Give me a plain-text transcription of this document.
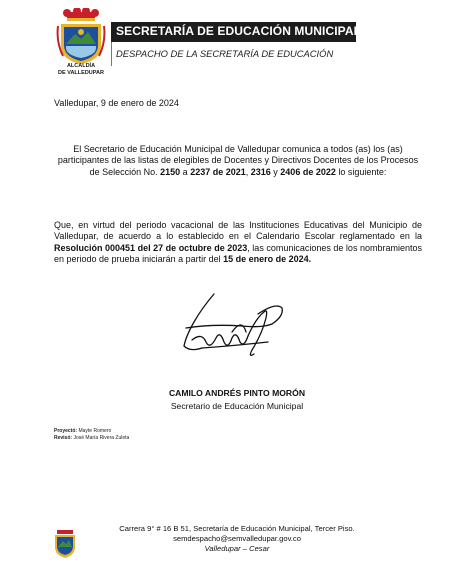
ALCALDÍA
DE VALLEDUPAR
SECRETARÍA DE EDUCACIÓN MUNICIPAL
DESPACHO DE LA SECRETARÍA DE EDUCACIÓN
Valledupar, 9 de enero de 2024
El Secretario de Educación Municipal de Valledupar comunica a todos (as) los (as) participantes de las listas de elegibles de Docentes y Directivos Docentes de los Procesos de Selección No. 2150 a 2237 de 2021, 2316 y 2406 de 2022 lo siguiente:
Que, en virtud del periodo vacacional de las Instituciones Educativas del Municipio de Valledupar, de acuerdo a lo establecido en el Calendario Escolar reglamentado en la Resolución 000451 del 27 de octubre de 2023, las comunicaciones de los nombramientos en periodo de prueba iniciarán a partir del 15 de enero de 2024.
CAMILO ANDRÉS PINTO MORÓN
Secretario de Educación Municipal
Proyectó: Mayte Romero
Revisó: José María Rivera Zuleta
Carrera 9° # 16 B 51, Secretaría de Educación Municipal, Tercer Piso.
semdespacho@semvalledupar.gov.co
Valledupar – Cesar
